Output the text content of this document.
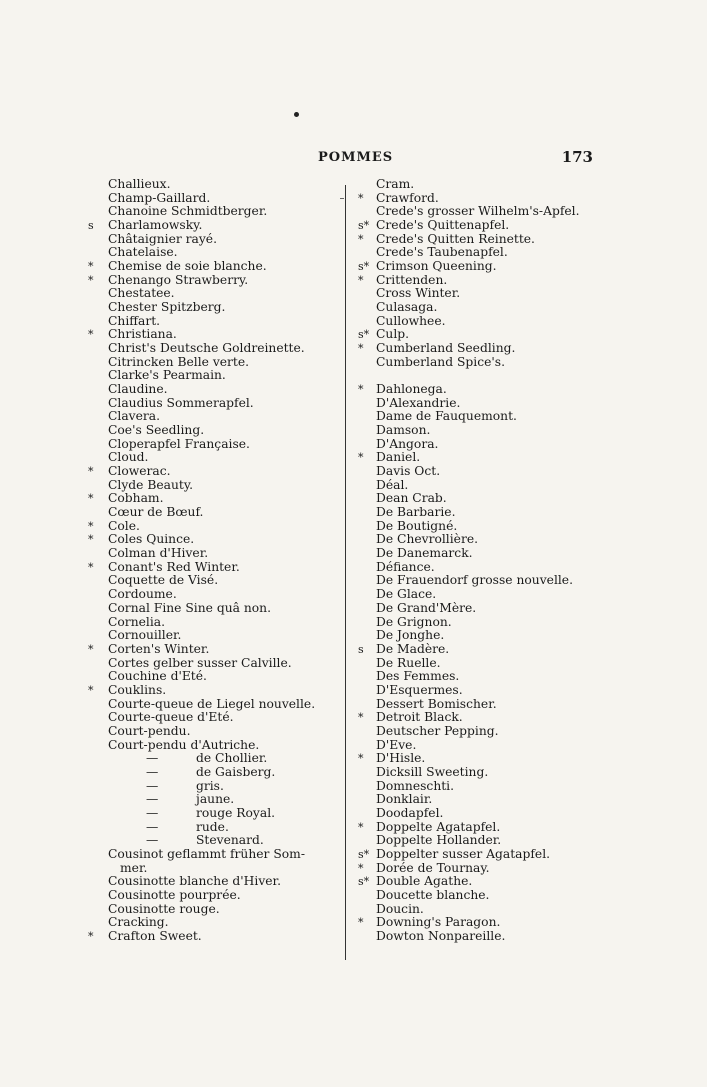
POMMES	173
Challieux.
Champ-Gaillard.
Chanoine Schmidtberger.
s	Charlamowsky.
Châtaignier rayé.
Chatelaise.
*	Chemise de soie blanche.
*	Chenango Strawberry.
Chestatee.
Chester Spitzberg.
Chiffart.
*	Christiana.
Christ's Deutsche Goldreinette.
Citrincken Belle verte.
Clarke's Pearmain.
Claudine.
Claudius Sommerapfel.
Clavera.
Coe's Seedling.
Cloperapfel Française.
Cloud.
*	Clowerac.
Clyde Beauty.
*	Cobham.
Cœur de Bœuf.
*	Cole.
*	Coles Quince.
Colman d'Hiver.
*	Conant's Red Winter.
Coquette de Visé.
Cordoume.
Cornal Fine Sine quâ non.
Cornelia.
Cornouiller.
*	Corten's Winter.
Cortes gelber susser Calville.
Couchine d'Eté.
*	Couklins.
Courte-queue de Liegel nouvelle.
Courte-queue d'Eté.
Court-pendu.
Court-pendu d'Autriche.
—	de Chollier.
—	de Gaisberg.
—	gris.
—	jaune.
—	rouge Royal.
—	rude.
—	Stevenard.
Cousinot geflammt früher Som-
mer.
Cousinotte blanche d'Hiver.
Cousinotte pourprée.
Cousinotte rouge.
Cracking.
*	Crafton Sweet.
Cram.
*	Crawford.
Crede's grosser Wilhelm's-Apfel.
s* Crede's Quittenapfel.
*	Crede's Quitten Reinette.
Crede's Taubenapfel.
s* Crimson Queening.
*	Crittenden.
Cross Winter.
Culasaga.
Cullowhee.
s* Culp.
*	Cumberland Seedling.
Cumberland Spice's.
*	Dahlonega.
D'Alexandrie.
Dame de Fauquemont.
Damson.
D'Angora.
*	Daniel.
Davis Oct.
Déal.
Dean Crab.
De Barbarie.
De Boutigné.
De Chevrollière.
De Danemarck.
Défiance.
De Frauendorf grosse nouvelle.
De Glace.
De Grand'Mère.
De Grignon.
De Jonghe.
s	De Madère.
De Ruelle.
Des Femmes.
D'Esquermes.
Dessert Bomischer.
*	Detroit Black.
Deutscher Pepping.
D'Eve.
*	D'Hisle.
Dicksill Sweeting.
Domneschti.
Donklair.
Doodapfel.
*	Doppelte Agatapfel.
Doppelte Hollander.
s* Doppelter susser Agatapfel.
*	Dorée de Tournay.
s* Double Agathe.
Doucette blanche.
Doucin.
*	Downing's Paragon.
Dowton Nonpareille.
